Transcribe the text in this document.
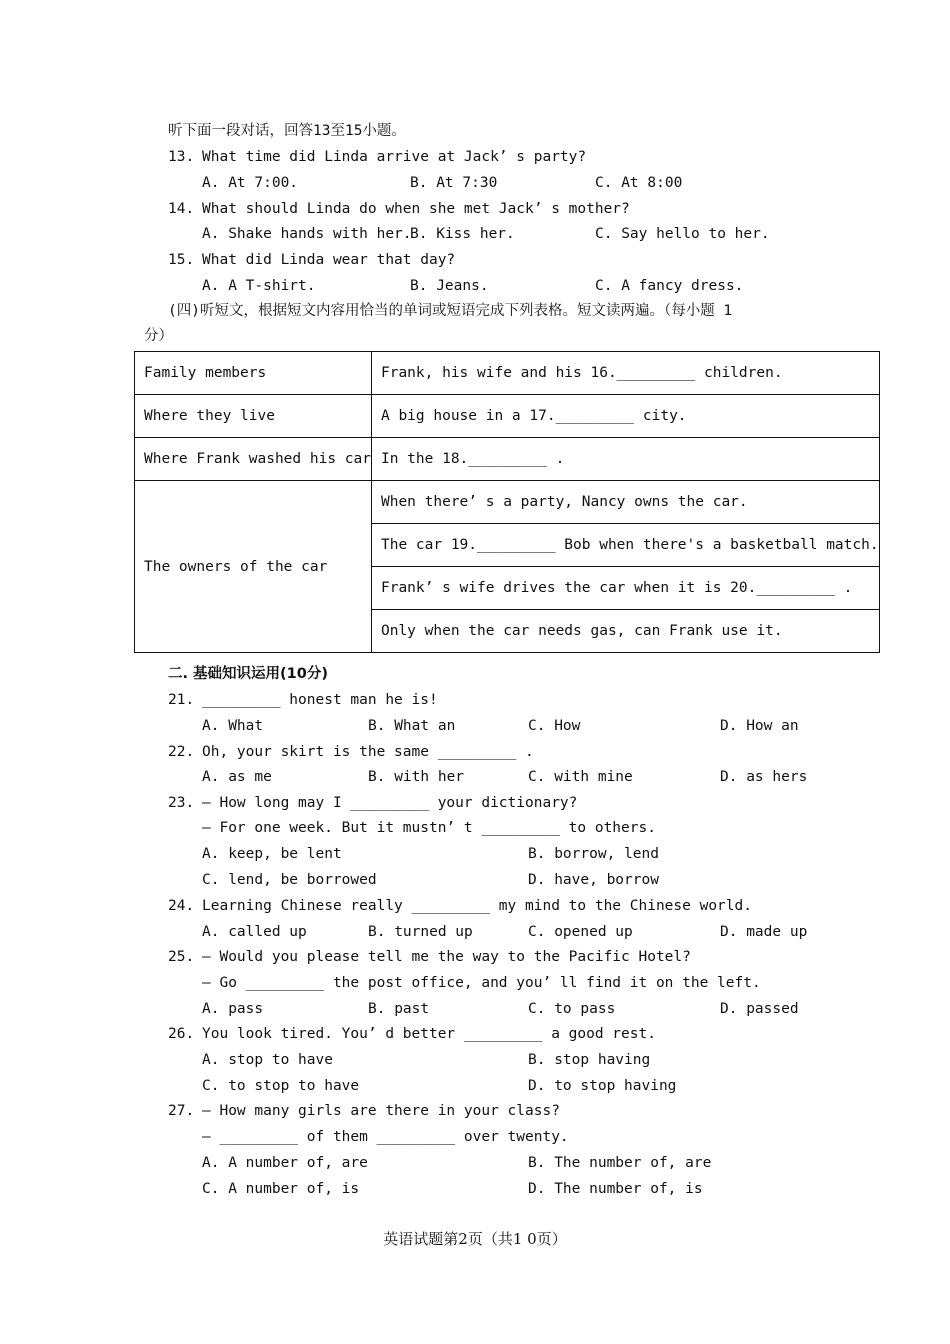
听下面一段对话，回答13至15小题。
13. What time did Linda arrive at Jack’ s party?
A. At 7:00.	B. At 7:30	C. At 8:00
14. What should Linda do when she met Jack’ s mother?
A. Shake hands with her.
B. Kiss her.	C. Say hello to her.
15. What did Linda wear that day?
A. A T-shirt.	B. Jeans.	C. A fancy dress.
(四)听短文，根据短文内容用恰当的单词或短语完成下列表格。短文读两遍。（每小题 1
分）
Family members	Frank, his wife and his 16._________ children.
Where they live	A big house in a 17._________ city.
Where Frank washed his car	In the 18._________ .
The owners of the car	When there’ s a party, Nancy owns the car.
	The car 19._________ Bob when there's a basketball match.
	Frank’ s wife drives the car when it is 20._________ .
	Only when the car needs gas, can Frank use it.
二. 基础知识运用(10分)
21. _________ honest man he is!
A. What	B. What an	C. How	D. How an
22. Oh, your skirt is the same _________ .
A. as me	B. with her	C. with mine	D. as hers
23. — How long may I _________ your dictionary?
— For one week. But it mustn’ t _________ to others.
A. keep, be lent	B. borrow, lend
C. lend, be borrowed	D. have, borrow
24. Learning Chinese really _________ my mind to the Chinese world.
A. called up	B. turned up	C. opened up	D. made up
25. — Would you please tell me the way to the Pacific Hotel?
— Go _________ the post office, and you’ ll find it on the left.
A. pass	B. past	C. to pass	D. passed
26. You look tired. You’ d better _________ a good rest.
A. stop to have	B. stop having
C. to stop to have	D. to stop having
27. — How many girls are there in your class?
— _________ of them _________ over twenty.
A. A number of, are	B. The number of, are
C. A number of, is	D. The number of, is
英语试题第2页（共1 0页）
